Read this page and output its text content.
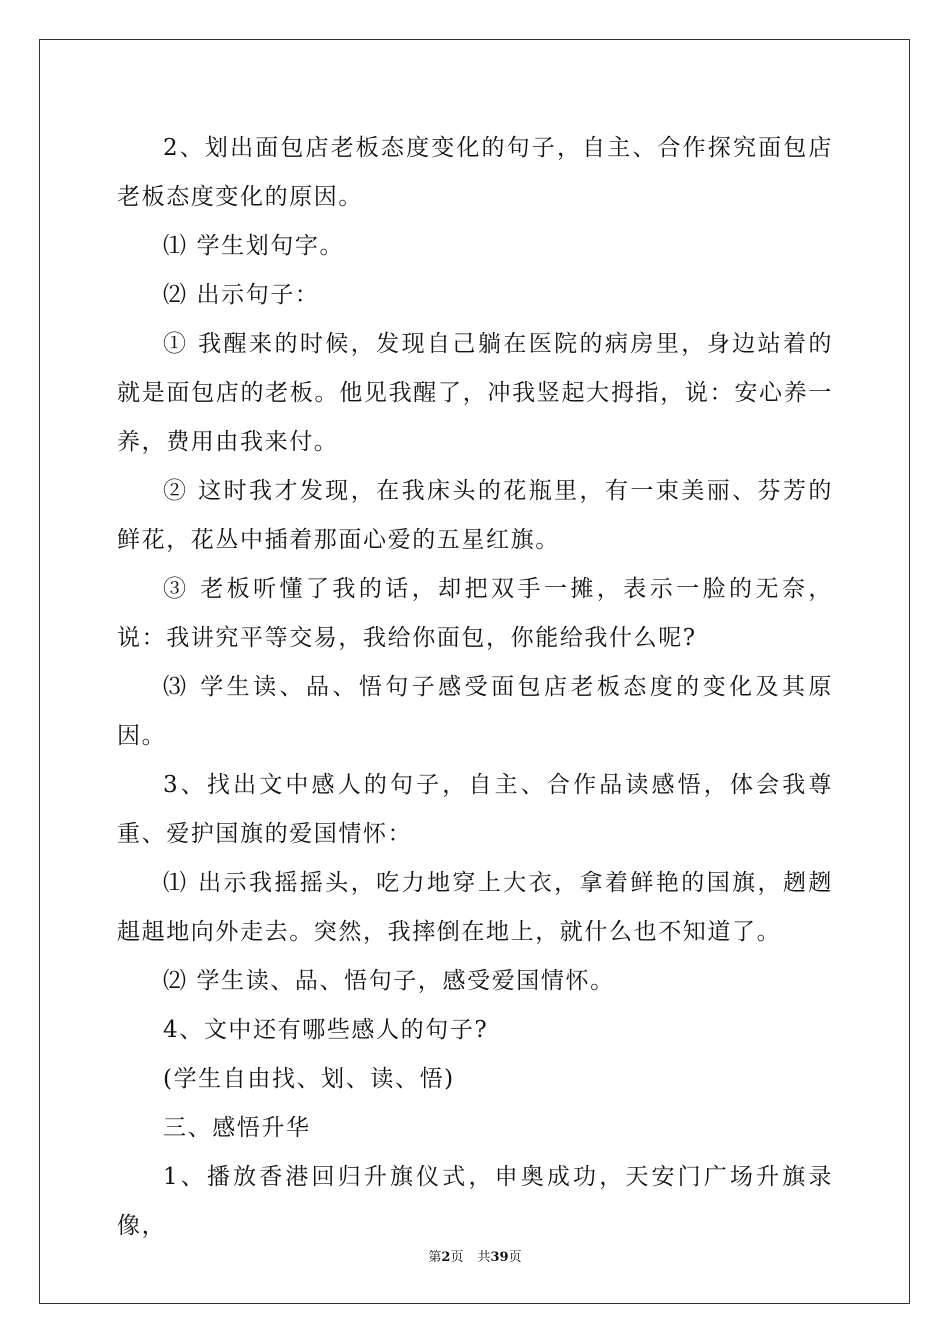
2、划出面包店老板态度变化的句子，自主、合作探究面包店老板态度变化的原因。

⑴ 学生划句字。

⑵ 出示句子：

① 我醒来的时候，发现自己躺在医院的病房里，身边站着的就是面包店的老板。他见我醒了，冲我竖起大拇指，说：安心养一养，费用由我来付。

② 这时我才发现，在我床头的花瓶里，有一束美丽、芬芳的鲜花，花丛中插着那面心爱的五星红旗。

③ 老板听懂了我的话，却把双手一摊，表示一脸的无奈，说：我讲究平等交易，我给你面包，你能给我什么呢?

⑶ 学生读、品、悟句子感受面包店老板态度的变化及其原因。

3、找出文中感人的句子，自主、合作品读感悟，体会我尊重、爱护国旗的爱国情怀：

⑴ 出示我摇摇头，吃力地穿上大衣，拿着鲜艳的国旗，趔趔趄趄地向外走去。突然，我摔倒在地上，就什么也不知道了。

⑵ 学生读、品、悟句子，感受爱国情怀。

4、文中还有哪些感人的句子?

(学生自由找、划、读、悟)

三、感悟升华

1、播放香港回归升旗仪式，申奥成功，天安门广场升旗录像，

第2页 共39页
